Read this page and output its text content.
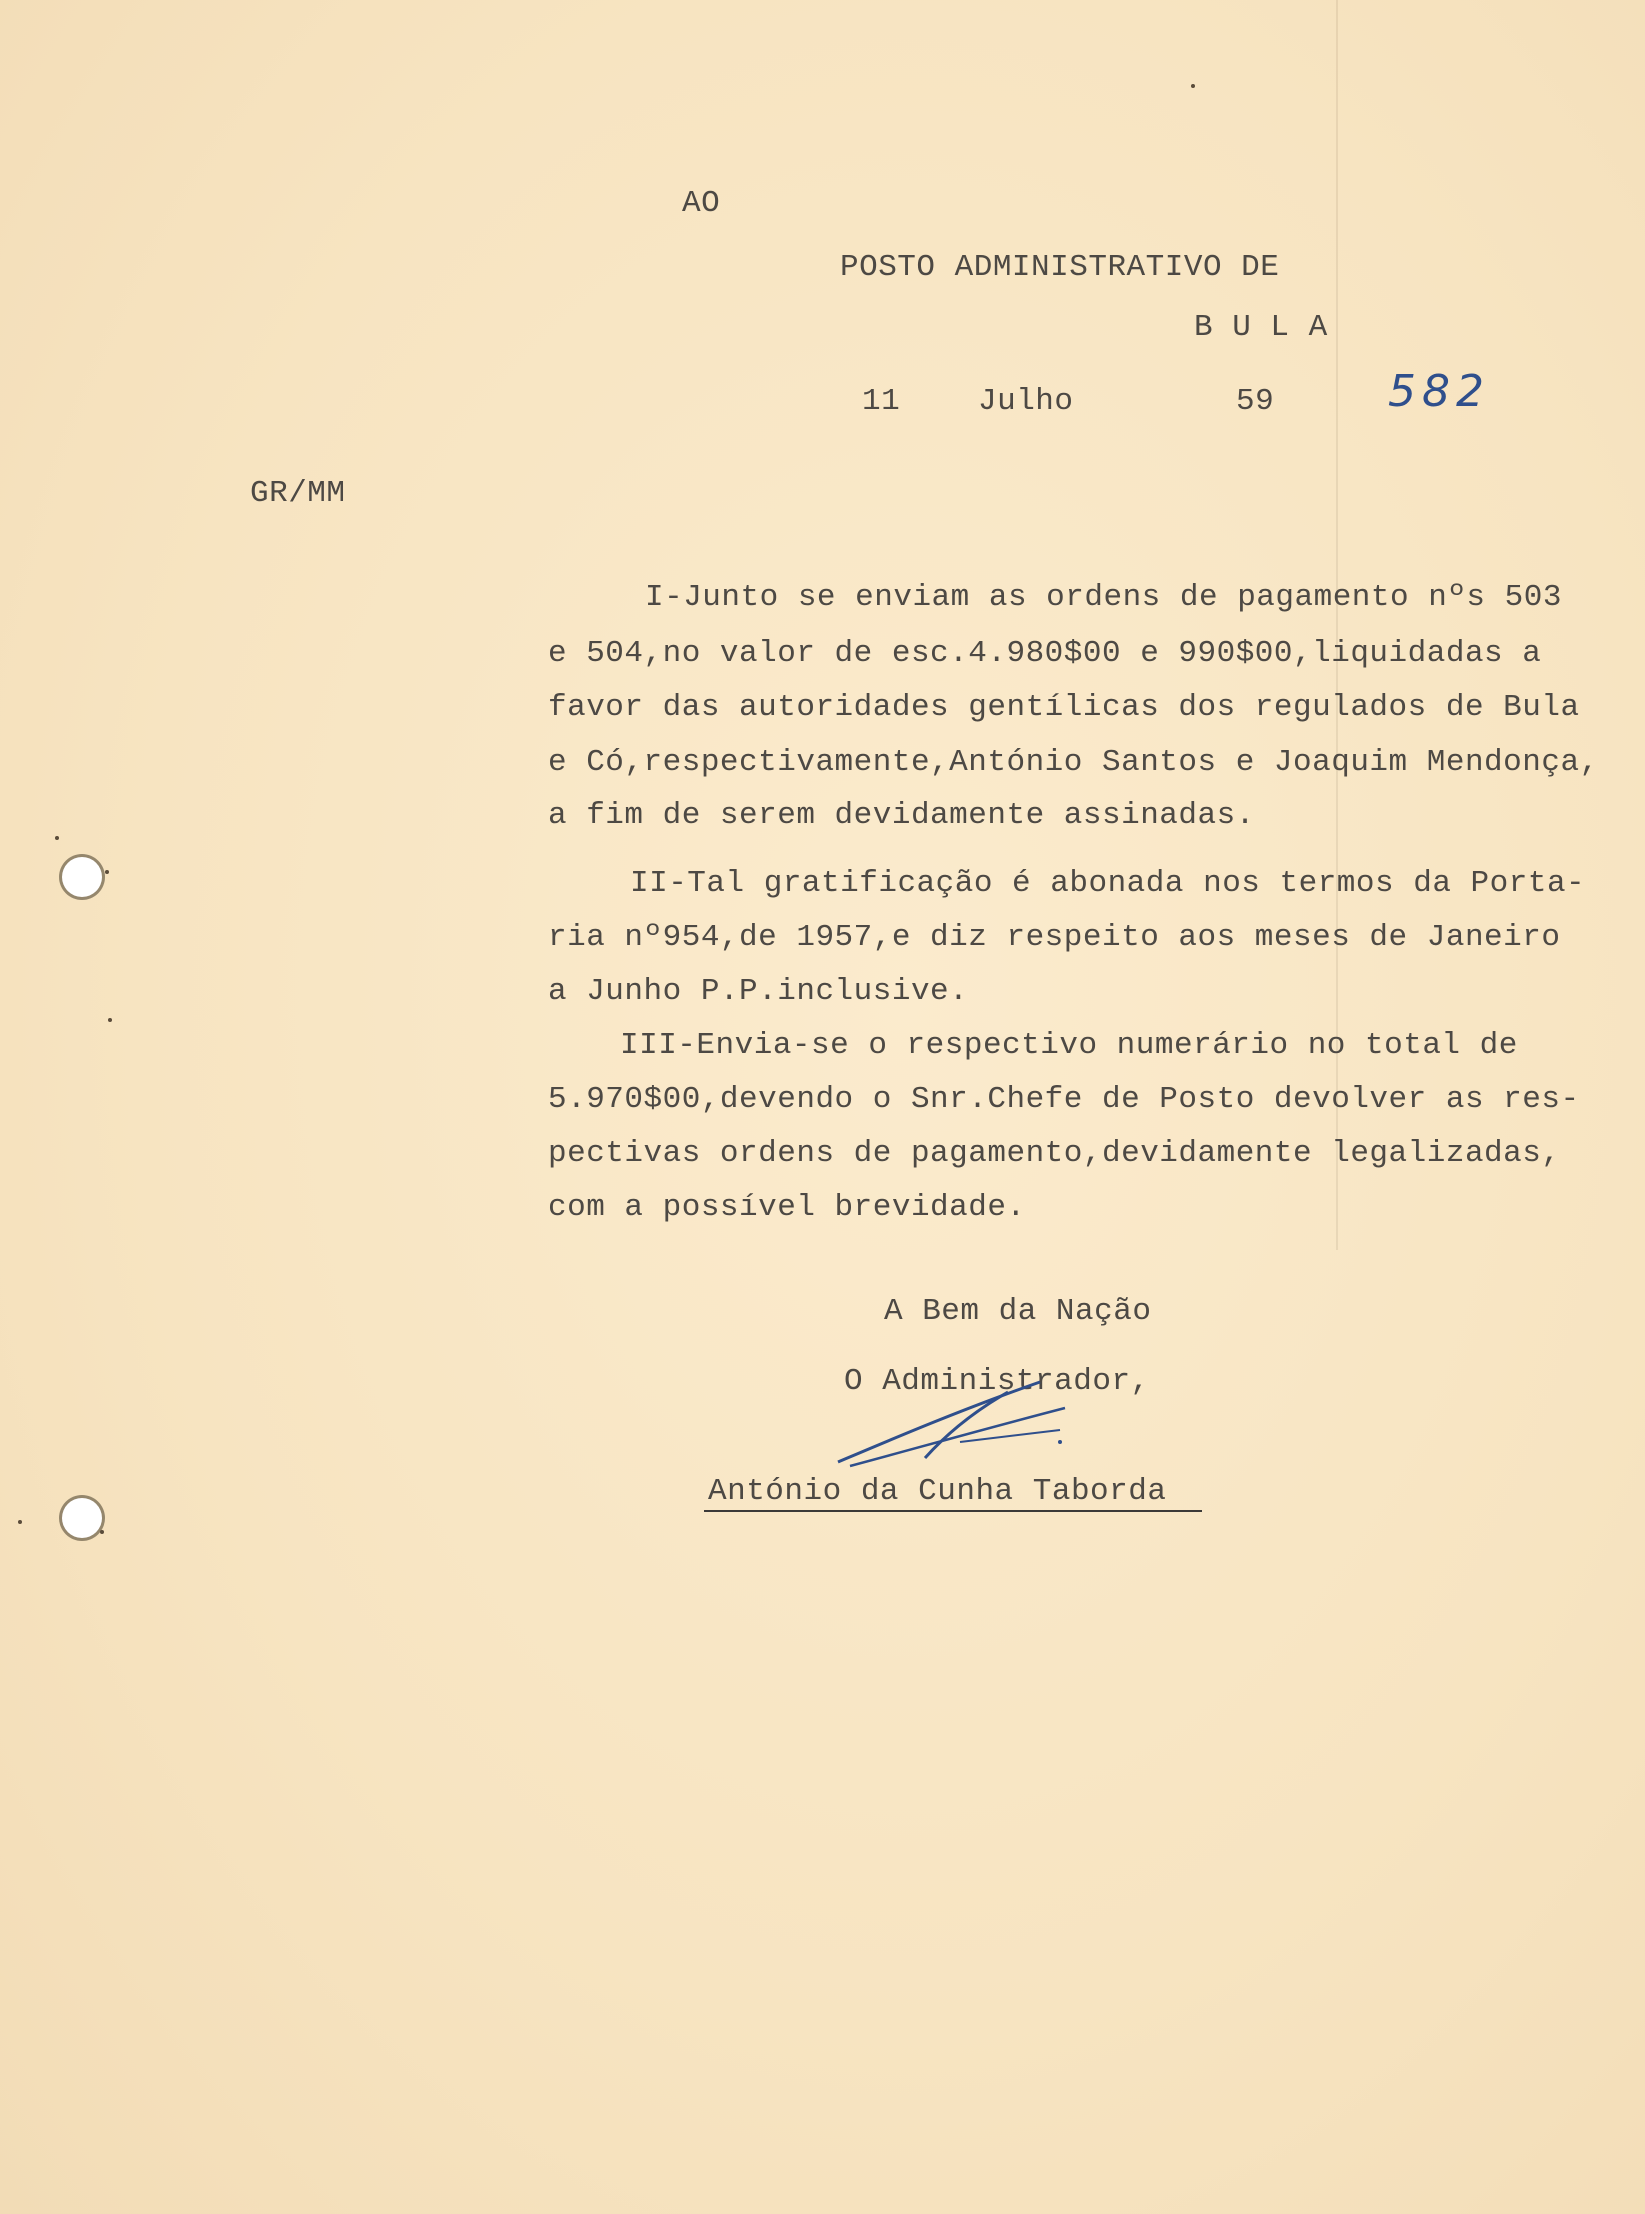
AO

POSTO ADMINISTRATIVO DE

B U L A

11	Julho	59	582

GR/MM

I-Junto se enviam as ordens de pagamento nºs 503

e 504,no valor de esc.4.980$00 e 990$00,liquidadas a

favor das autoridades gentílicas dos regulados de Bula

e Có,respectivamente,António Santos e Joaquim Mendonça,

a fim de serem devidamente assinadas.

II-Tal gratificação é abonada nos termos da Porta-

ria nº954,de 1957,e diz respeito aos meses de Janeiro

a Junho P.P.inclusive.

III-Envia-se o respectivo numerário no total de

5.970$00,devendo o Snr.Chefe de Posto devolver as res-

pectivas ordens de pagamento,devidamente legalizadas,

com a possível brevidade.

A Bem da Nação

O Administrador,

António da Cunha Taborda
